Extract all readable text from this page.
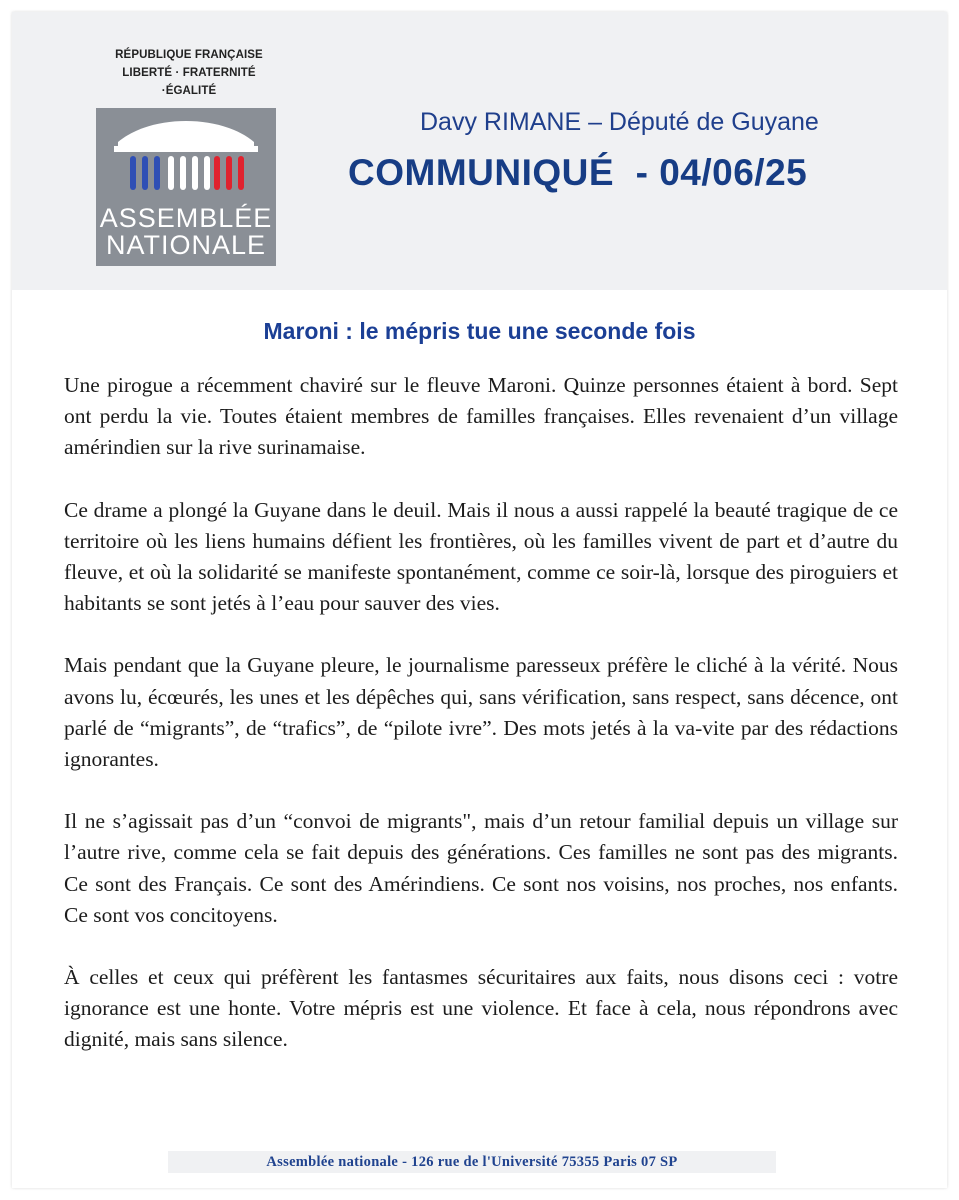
RÉPUBLIQUE FRANÇAISE
LIBERTÉ · FRATERNITÉ ·ÉGALITÉ
ASSEMBLÉE
NATIONALE
Davy RIMANE – Député de Guyane
COMMUNIQUÉ  - 04/06/25
Maroni : le mépris tue une seconde fois

Une pirogue a récemment chaviré sur le fleuve Maroni. Quinze personnes étaient à bord. Sept ont perdu la vie. Toutes étaient membres de familles françaises. Elles revenaient d’un village amérindien sur la rive surinamaise.

Ce drame a plongé la Guyane dans le deuil. Mais il nous a aussi rappelé la beauté tragique de ce territoire où les liens humains défient les frontières, où les familles vivent de part et d’autre du fleuve, et où la solidarité se manifeste spontanément, comme ce soir-là, lorsque des piroguiers et habitants se sont jetés à l’eau pour sauver des vies.

Mais pendant que la Guyane pleure, le journalisme paresseux préfère le cliché à la vérité. Nous avons lu, écœurés, les unes et les dépêches qui, sans vérification, sans respect, sans décence, ont parlé de “migrants”, de “trafics”, de “pilote ivre”. Des mots jetés à la va-vite par des rédactions ignorantes.

Il ne s’agissait pas d’un “convoi de migrants", mais d’un retour familial depuis un village sur l’autre rive, comme cela se fait depuis des générations. Ces familles ne sont pas des migrants. Ce sont des Français. Ce sont des Amérindiens. Ce sont nos voisins, nos proches, nos enfants. Ce sont vos concitoyens.

À celles et ceux qui préfèrent les fantasmes sécuritaires aux faits, nous disons ceci : votre ignorance est une honte. Votre mépris est une violence. Et face à cela, nous répondrons avec dignité, mais sans silence.

Assemblée nationale - 126 rue de l'Université 75355 Paris 07 SP
